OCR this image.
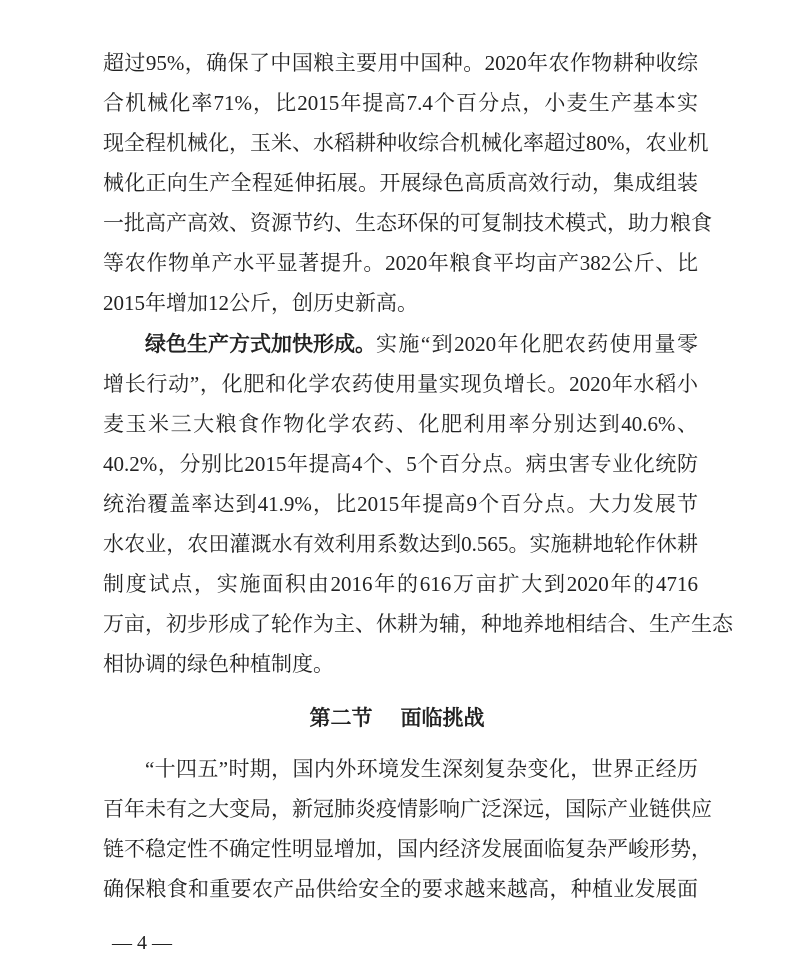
超过95%，确保了中国粮主要用中国种。2020年农作物耕种收综
合机械化率71%，比2015年提高7.4个百分点，小麦生产基本实
现全程机械化，玉米、水稻耕种收综合机械化率超过80%，农业机
械化正向生产全程延伸拓展。开展绿色高质高效行动，集成组装
一批高产高效、资源节约、生态环保的可复制技术模式，助力粮食
等农作物单产水平显著提升。2020年粮食平均亩产382公斤、比
2015年增加12公斤，创历史新高。
绿色生产方式加快形成。 实施“到2020年化肥农药使用量零
增长行动”，化肥和化学农药使用量实现负增长。2020年水稻小
麦玉米三大粮食作物化学农药、化肥利用率分别达到40.6%、
40.2%，分别比2015年提高4个、5个百分点。病虫害专业化统防
统治覆盖率达到41.9%，比2015年提高9个百分点。大力发展节
水农业，农田灌溉水有效利用系数达到0.565。实施耕地轮作休耕
制度试点，实施面积由2016年的616万亩扩大到2020年的4716
万亩，初步形成了轮作为主、休耕为辅，种地养地相结合、生产生态
相协调的绿色种植制度。
第二节 面临挑战
“十四五”时期，国内外环境发生深刻复杂变化，世界正经历
百年未有之大变局，新冠肺炎疫情影响广泛深远，国际产业链供应
链不稳定性不确定性明显增加，国内经济发展面临复杂严峻形势，
确保粮食和重要农产品供给安全的要求越来越高，种植业发展面
— 4 —
